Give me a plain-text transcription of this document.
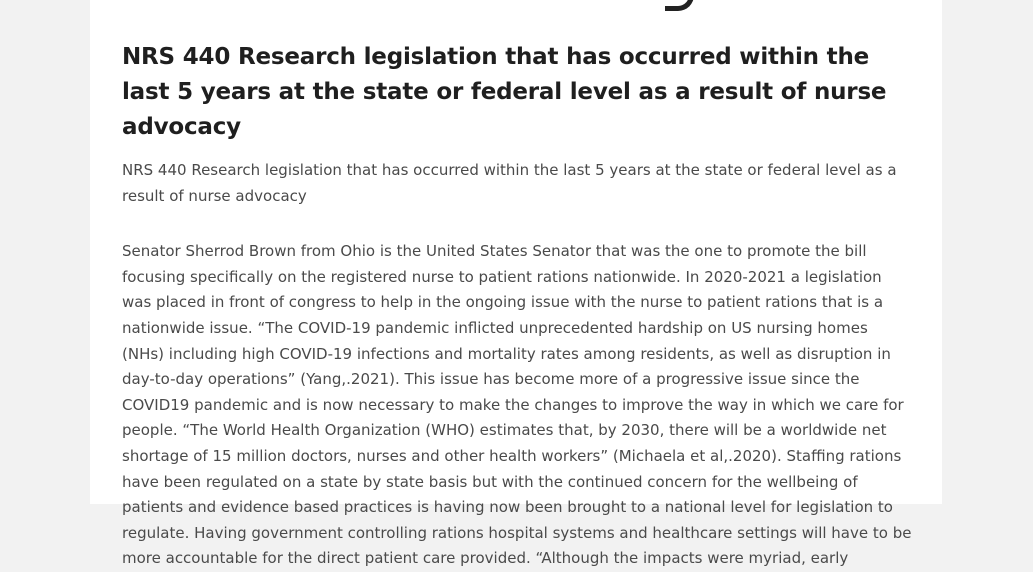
NRS 440 Research legislation that has occurred within the last 5 years at the state or federal level as a result of nurse advocacy

NRS 440 Research legislation that has occurred within the last 5 years at the state or federal level as a result of nurse advocacy

Senator Sherrod Brown from Ohio is the United States Senator that was the one to promote the bill focusing specifically on the registered nurse to patient rations nationwide. In 2020-2021 a legislation was placed in front of congress to help in the ongoing issue with the nurse to patient rations that is a nationwide issue. “The COVID-19 pandemic inflicted unprecedented hardship on US nursing homes (NHs) including high COVID-19 infections and mortality rates among residents, as well as disruption in day-to-day operations” (Yang,.2021). This issue has become more of a progressive issue since the COVID19 pandemic and is now necessary to make the changes to improve the way in which we care for people. “The World Health Organization (WHO) estimates that, by 2030, there will be a worldwide net shortage of 15 million doctors, nurses and other health workers” (Michaela et al,.2020). Staffing rations have been regulated on a state by state basis but with the continued concern for the wellbeing of patients and evidence based practices is having now been brought to a national level for legislation to regulate. Having government controlling rations hospital systems and healthcare settings will have to be more accountable for the direct patient care provided. “Although the impacts were myriad, early
